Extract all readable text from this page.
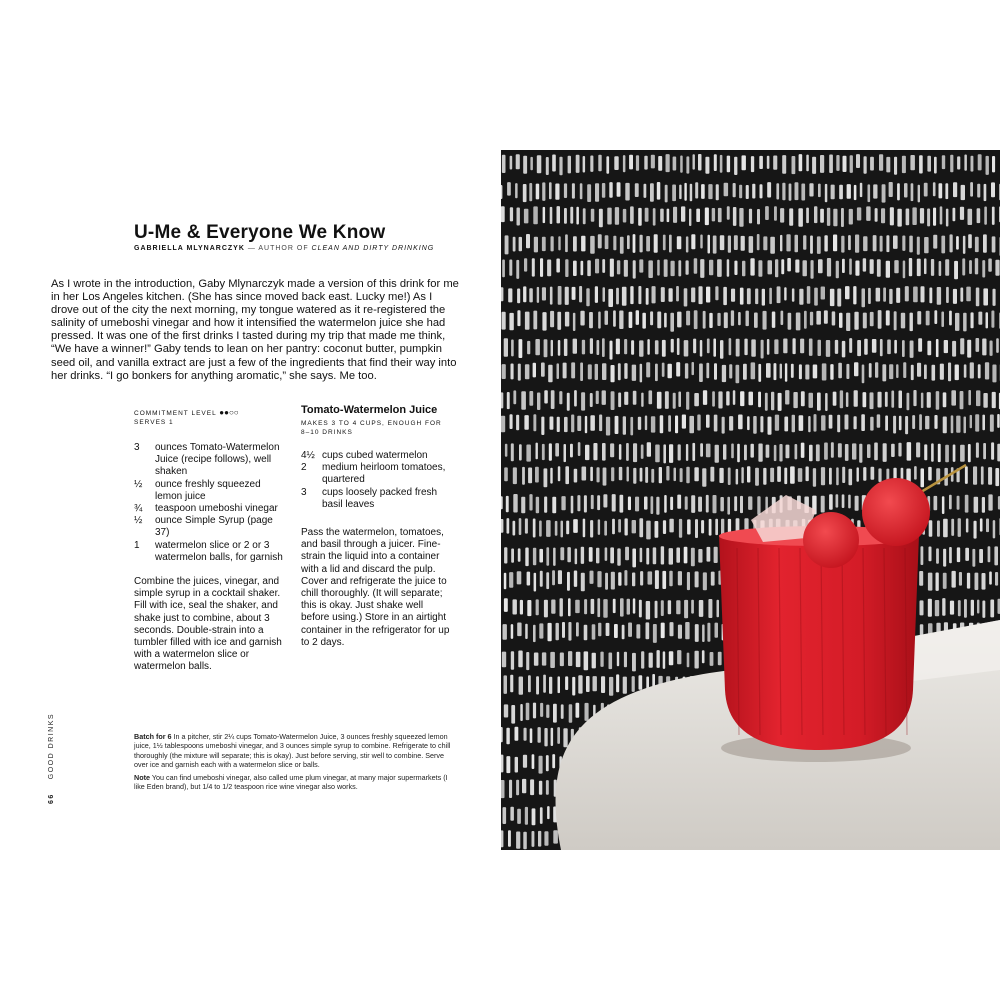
U-Me & Everyone We Know
GABRIELLA MLYNARCZYK — AUTHOR OF CLEAN AND DIRTY DRINKING

As I wrote in the introduction, Gaby Mlynarczyk made a version of this drink for me in her Los Angeles kitchen. (She has since moved back east. Lucky me!) As I drove out of the city the next morning, my tongue watered as it re-registered the salinity of umeboshi vinegar and how it intensified the watermelon juice she had pressed. It was one of the first drinks I tasted during my trip that made me think, “We have a winner!” Gaby tends to lean on her pantry: coconut butter, pumpkin seed oil, and vanilla extract are just a few of the ingredients that find their way into her drinks. “I go bonkers for anything aromatic,” she says. Me too.

COMMITMENT LEVEL ●●○○
SERVES 1
3	ounces Tomato-Watermelon Juice (recipe follows), well shaken
½	ounce freshly squeezed lemon juice
¾	teaspoon umeboshi vinegar
½	ounce Simple Syrup (page 37)
1	watermelon slice or 2 or 3 watermelon balls, for garnish

Combine the juices, vinegar, and simple syrup in a cocktail shaker. Fill with ice, seal the shaker, and shake just to combine, about 3 seconds. Double-strain into a tumbler filled with ice and garnish with a watermelon slice or watermelon balls.

Tomato-Watermelon Juice
MAKES 3 TO 4 CUPS, ENOUGH FOR 8–10 DRINKS
4½ cups cubed watermelon
2	medium heirloom tomatoes, quartered
3	cups loosely packed fresh basil leaves

Pass the watermelon, tomatoes, and basil through a juicer. Fine-strain the liquid into a container with a lid and discard the pulp. Cover and refrigerate the juice to chill thoroughly. (It will separate; this is okay. Just shake well before using.) Store in an airtight container in the refrigerator for up to 2 days.

Batch for 6 In a pitcher, stir 2¼ cups Tomato-Watermelon Juice, 3 ounces freshly squeezed lemon juice, 1½ tablespoons umeboshi vinegar, and 3 ounces simple syrup to combine. Refrigerate to chill thoroughly (the mixture will separate; this is okay). Just before serving, stir well to combine. Serve over ice and garnish each with a watermelon slice or balls.

Note You can find umeboshi vinegar, also called ume plum vinegar, at many major supermarkets (I like Eden brand), but 1/4 to 1/2 teaspoon rice wine vinegar also works.

66GOOD DRINKS
